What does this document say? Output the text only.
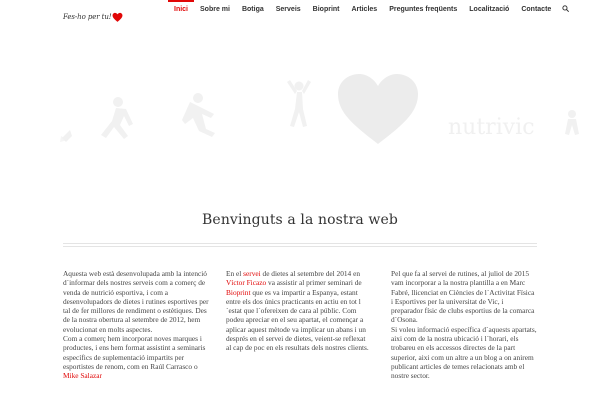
Fes-ho per tu!
Inici	Sobre mi	Botiga	Serveis	Bioprint	Articles	Preguntes freqüents	Localització	Contacte
nutrivic
Benvinguts a la nostra web

Aquesta web està desenvolupada amb la intenció d´informar dels nostres serveis com a comerç de venda de nutrició esportiva, i com a desenvolupadors de dietes i rutines esportives per tal de fer millores de rendiment o estètiques. Des de la nostra obertura al setembre de 2012, hem evolucionat en molts aspectes.

Com a comerç hem incorporat noves marques i productes, i ens hem format assistint a seminaris específics de suplementació impartits per esportistes de renom, com en Raúl Carrasco o Mike Salazar

En el servei de dietes al setembre del 2014 en Víctor Ficazo va assistir al primer seminari de Bioprint que es va impartir a Espanya, estant entre els dos únics practicants en actiu en tot l´estat que l´ofereixen de cara al públic. Com podeu apreciar en el seu apartat, el començar a aplicar aquest mètode va implicar un abans i un després en el servei de dietes, veient-se reflexat al cap de poc en els resultats dels nostres clients.

Pel que fa al servei de rutines, al juliol de 2015 vam incorporar a la nostra plantilla a en Marc Fabré, llicenciat en Ciències de l´Activitat Física i Esportives per la universitat de Vic, i preparador físic de clubs esportius de la comarca d´Osona.

Si voleu informació específica d´aquests apartats, aixi com de la nostra ubicació i l´horari, els trobareu en els accessos directes de la part superior, aixi com un altre a un blog a on anirem publicant articles de temes relacionats amb el nostre sector.
